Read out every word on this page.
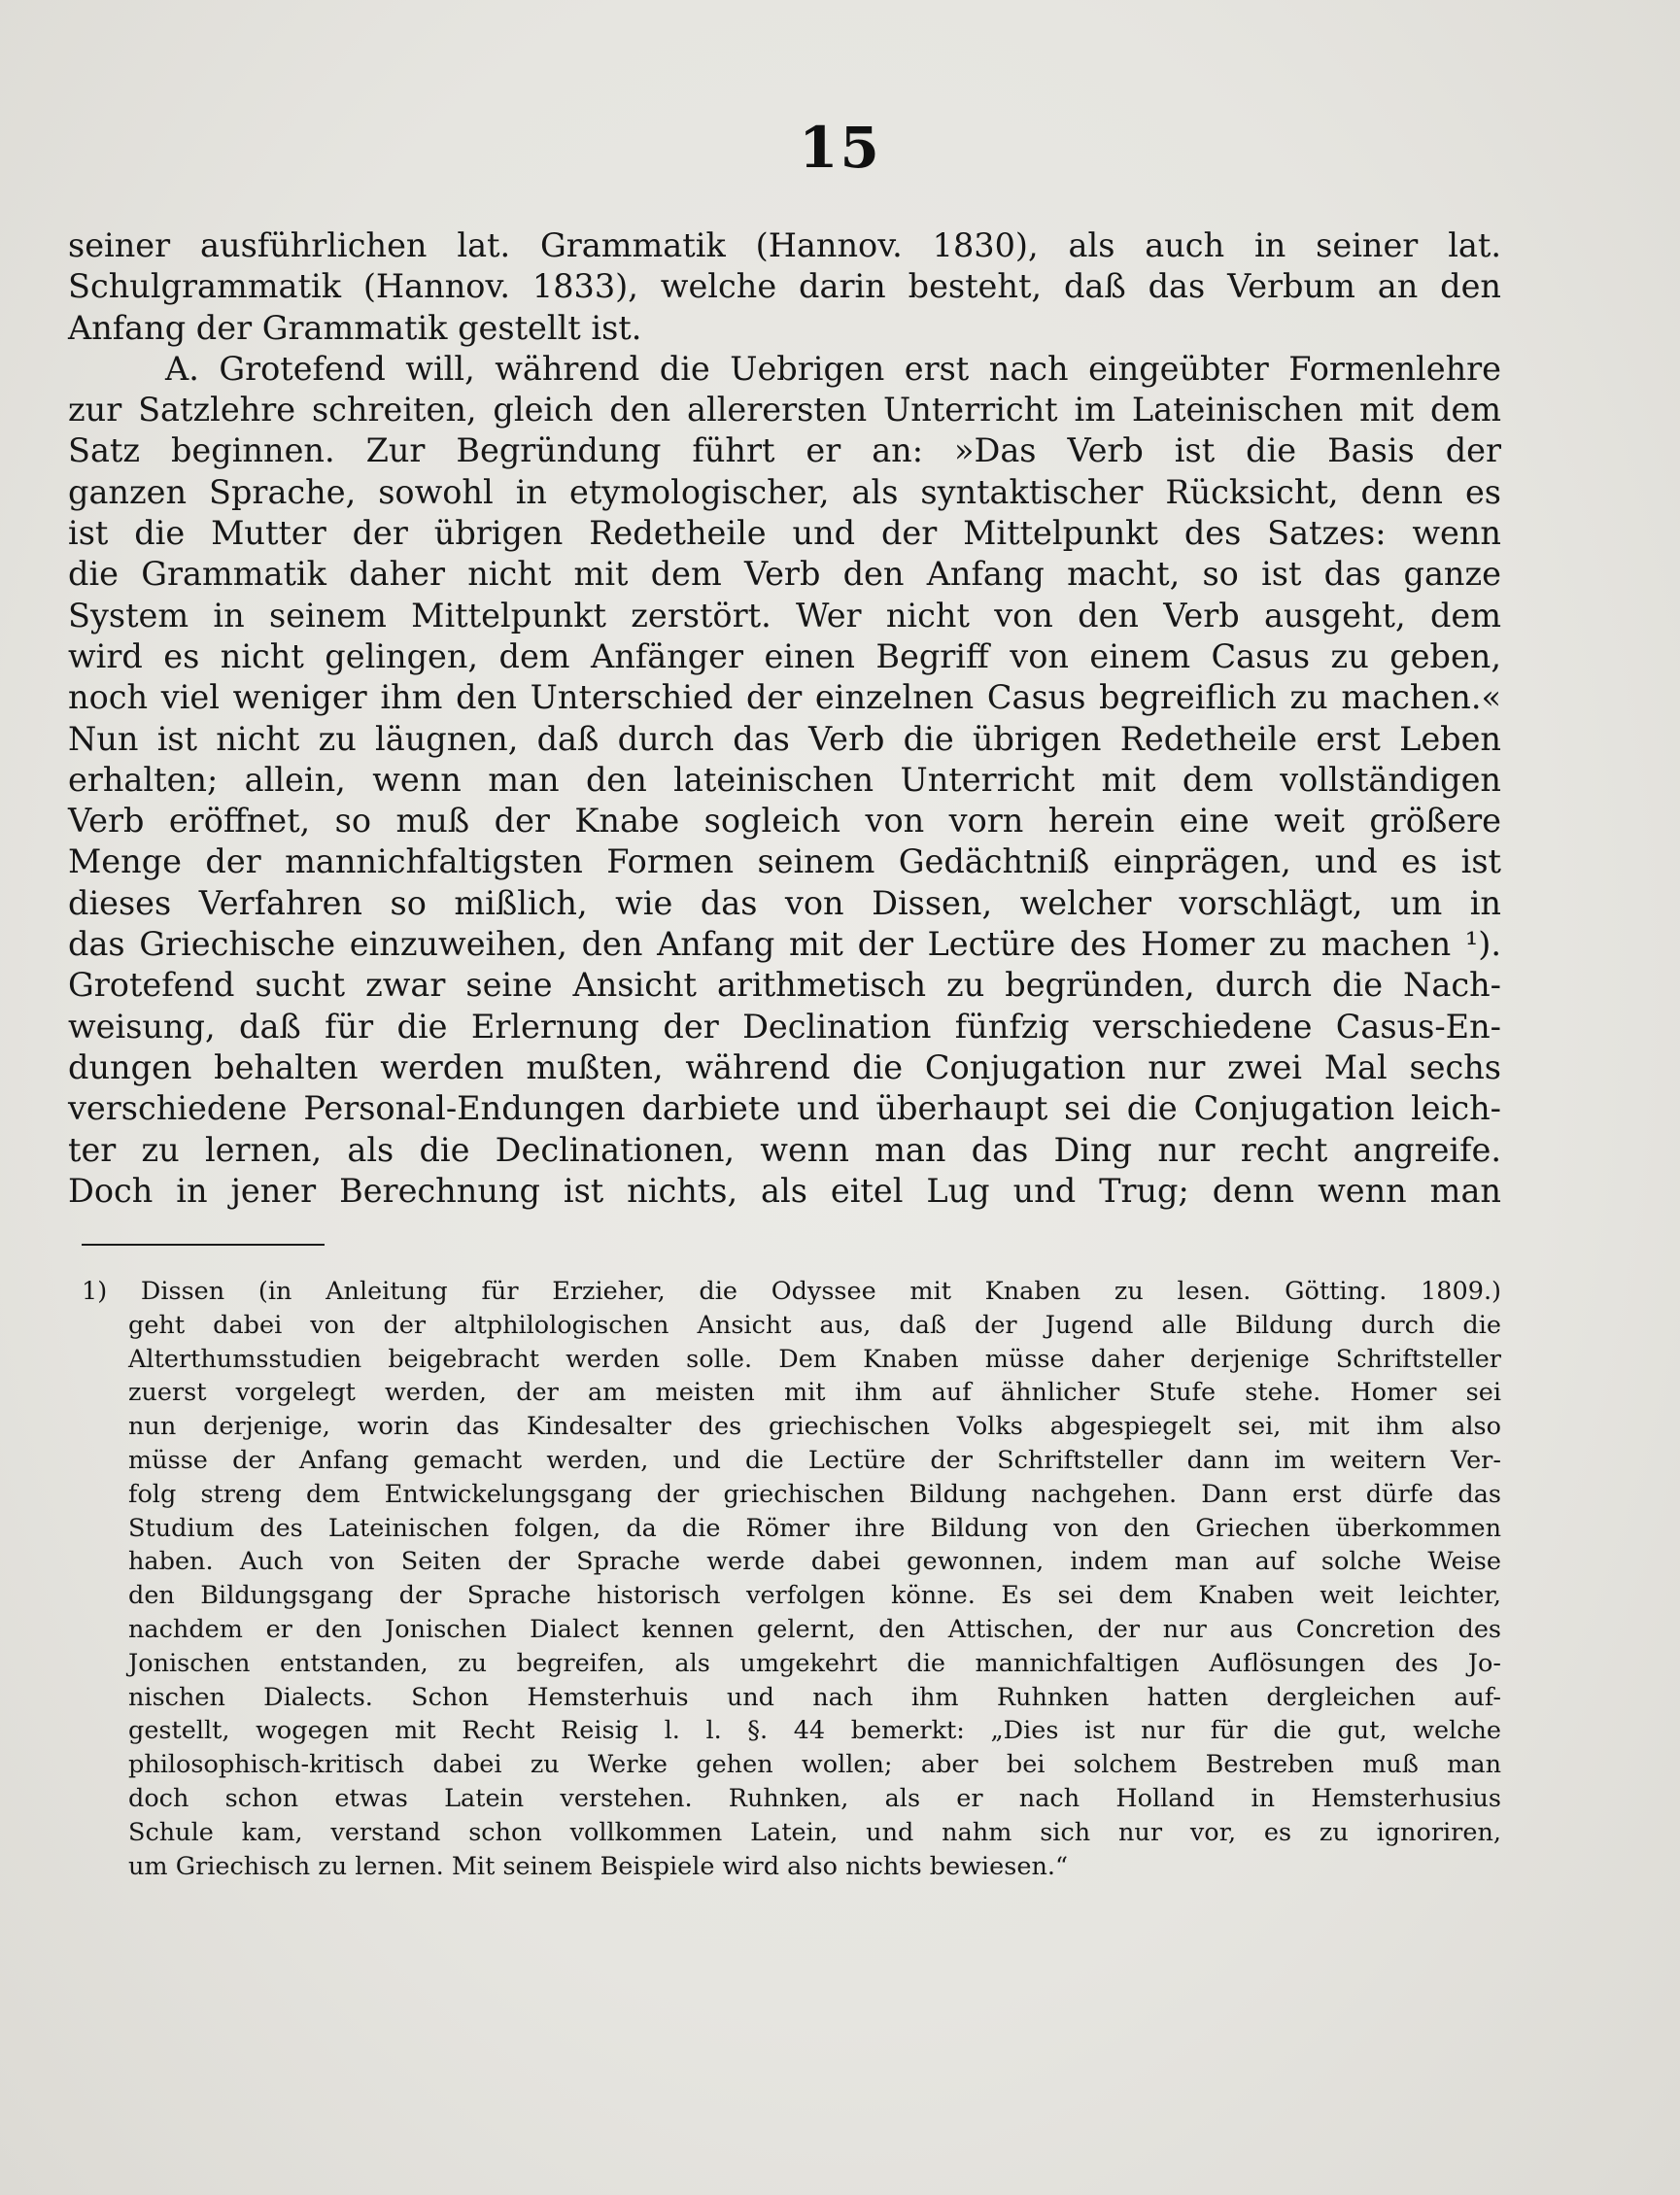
15
seiner ausführlichen lat. Grammatik (Hannov. 1830), als auch in seiner lat.
Schulgrammatik (Hannov. 1833), welche darin besteht, daß das Verbum an den
Anfang der Grammatik gestellt ist.
A. Grotefend will, während die Uebrigen erst nach eingeübter Formenlehre
zur Satzlehre schreiten, gleich den allerersten Unterricht im Lateinischen mit dem
Satz beginnen. Zur Begründung führt er an: »Das Verb ist die Basis der
ganzen Sprache, sowohl in etymologischer, als syntaktischer Rücksicht, denn es
ist die Mutter der übrigen Redetheile und der Mittelpunkt des Satzes: wenn
die Grammatik daher nicht mit dem Verb den Anfang macht, so ist das ganze
System in seinem Mittelpunkt zerstört. Wer nicht von den Verb ausgeht, dem
wird es nicht gelingen, dem Anfänger einen Begriff von einem Casus zu geben,
noch viel weniger ihm den Unterschied der einzelnen Casus begreiflich zu machen.«
Nun ist nicht zu läugnen, daß durch das Verb die übrigen Redetheile erst Leben
erhalten; allein, wenn man den lateinischen Unterricht mit dem vollständigen
Verb eröffnet, so muß der Knabe sogleich von vorn herein eine weit größere
Menge der mannichfaltigsten Formen seinem Gedächtniß einprägen, und es ist
dieses Verfahren so mißlich, wie das von Dissen, welcher vorschlägt, um in
das Griechische einzuweihen, den Anfang mit der Lectüre des Homer zu machen ¹).
Grotefend sucht zwar seine Ansicht arithmetisch zu begründen, durch die Nach-
weisung, daß für die Erlernung der Declination fünfzig verschiedene Casus-En-
dungen behalten werden mußten, während die Conjugation nur zwei Mal sechs
verschiedene Personal-Endungen darbiete und überhaupt sei die Conjugation leich-
ter zu lernen, als die Declinationen, wenn man das Ding nur recht angreife.
Doch in jener Berechnung ist nichts, als eitel Lug und Trug; denn wenn man
1) Dissen (in Anleitung für Erzieher, die Odyssee mit Knaben zu lesen. Götting. 1809.)
geht dabei von der altphilologischen Ansicht aus, daß der Jugend alle Bildung durch die
Alterthumsstudien beigebracht werden solle. Dem Knaben müsse daher derjenige Schriftsteller
zuerst vorgelegt werden, der am meisten mit ihm auf ähnlicher Stufe stehe. Homer sei
nun derjenige, worin das Kindesalter des griechischen Volks abgespiegelt sei, mit ihm also
müsse der Anfang gemacht werden, und die Lectüre der Schriftsteller dann im weitern Ver-
folg streng dem Entwickelungsgang der griechischen Bildung nachgehen. Dann erst dürfe das
Studium des Lateinischen folgen, da die Römer ihre Bildung von den Griechen überkommen
haben. Auch von Seiten der Sprache werde dabei gewonnen, indem man auf solche Weise
den Bildungsgang der Sprache historisch verfolgen könne. Es sei dem Knaben weit leichter,
nachdem er den Jonischen Dialect kennen gelernt, den Attischen, der nur aus Concretion des
Jonischen entstanden, zu begreifen, als umgekehrt die mannichfaltigen Auflösungen des Jo-
nischen Dialects. Schon Hemsterhuis und nach ihm Ruhnken hatten dergleichen auf-
gestellt, wogegen mit Recht Reisig l. l. §. 44 bemerkt: „Dies ist nur für die gut, welche
philosophisch-kritisch dabei zu Werke gehen wollen; aber bei solchem Bestreben muß man
doch schon etwas Latein verstehen. Ruhnken, als er nach Holland in Hemsterhusius
Schule kam, verstand schon vollkommen Latein, und nahm sich nur vor, es zu ignoriren,
um Griechisch zu lernen. Mit seinem Beispiele wird also nichts bewiesen.“
